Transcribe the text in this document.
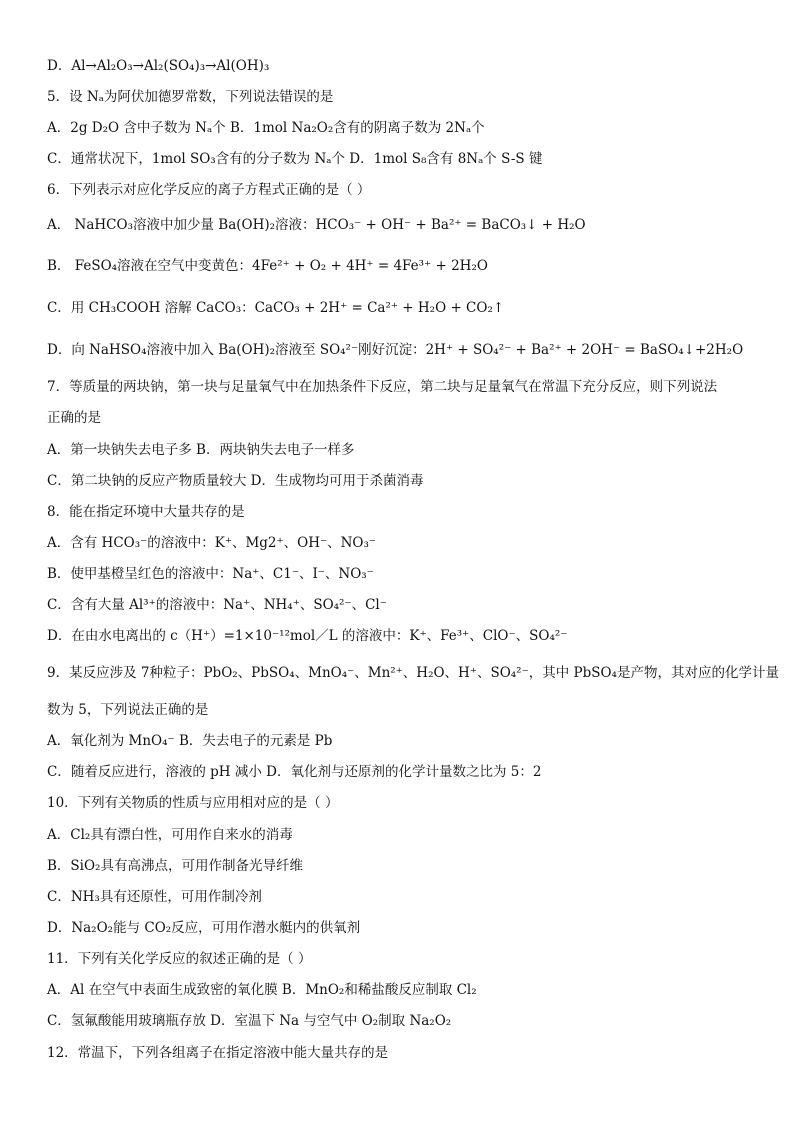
D．Al→Al₂O₃→Al₂(SO₄)₃→Al(OH)₃
5．设 Nₐ为阿伏加德罗常数，下列说法错误的是
A．2g D₂O 含中子数为 Nₐ个 B．1mol Na₂O₂含有的阴离子数为 2Nₐ个
C．通常状况下，1mol SO₃含有的分子数为 Nₐ个 D．1mol S₈含有 8Nₐ个 S-S 键
6．下列表示对应化学反应的离子方程式正确的是（ ）
A． NaHCO₃溶液中加少量 Ba(OH)₂溶液：HCO₃⁻ + OH⁻ + Ba²⁺ = BaCO₃↓ + H₂O
B． FeSO₄溶液在空气中变黄色：4Fe²⁺ + O₂ + 4H⁺ = 4Fe³⁺ + 2H₂O
C．用 CH₃COOH 溶解 CaCO₃：CaCO₃ + 2H⁺ = Ca²⁺ + H₂O + CO₂↑
D．向 NaHSO₄溶液中加入 Ba(OH)₂溶液至 SO₄²⁻刚好沉淀：2H⁺ + SO₄²⁻ + Ba²⁺ + 2OH⁻ = BaSO₄↓+2H₂O
7．等质量的两块钠，第一块与足量氧气中在加热条件下反应，第二块与足量氧气在常温下充分反应，则下列说法
正确的是
A．第一块钠失去电子多 B．两块钠失去电子一样多
C．第二块钠的反应产物质量较大 D．生成物均可用于杀菌消毒
8．能在指定环境中大量共存的是
A．含有 HCO₃⁻的溶液中：K⁺、Mg2⁺、OH⁻、NO₃⁻
B．使甲基橙呈红色的溶液中：Na⁺、C1⁻、I⁻、NO₃⁻
C．含有大量 Al³⁺的溶液中：Na⁺、NH₄⁺、SO₄²⁻、Cl⁻
D．在由水电离出的 c（H⁺）=1×10⁻¹²mol／L 的溶液中：K⁺、Fe³⁺、ClO⁻、SO₄²⁻
9．某反应涉及 7种粒子：PbO₂、PbSO₄、MnO₄⁻、Mn²⁺、H₂O、H⁺、SO₄²⁻，其中 PbSO₄是产物，其对应的化学计量
数为 5，下列说法正确的是
A．氧化剂为 MnO₄⁻ B．失去电子的元素是 Pb
C．随着反应进行，溶液的 pH 减小 D．氧化剂与还原剂的化学计量数之比为 5：2
10．下列有关物质的性质与应用相对应的是（ ）
A．Cl₂具有漂白性，可用作自来水的消毒
B．SiO₂具有高沸点，可用作制备光导纤维
C．NH₃具有还原性，可用作制冷剂
D．Na₂O₂能与 CO₂反应，可用作潜水艇内的供氧剂
11．下列有关化学反应的叙述正确的是（ ）
A．Al 在空气中表面生成致密的氧化膜 B．MnO₂和稀盐酸反应制取 Cl₂
C．氢氟酸能用玻璃瓶存放 D．室温下 Na 与空气中 O₂制取 Na₂O₂
12．常温下，下列各组离子在指定溶液中能大量共存的是
